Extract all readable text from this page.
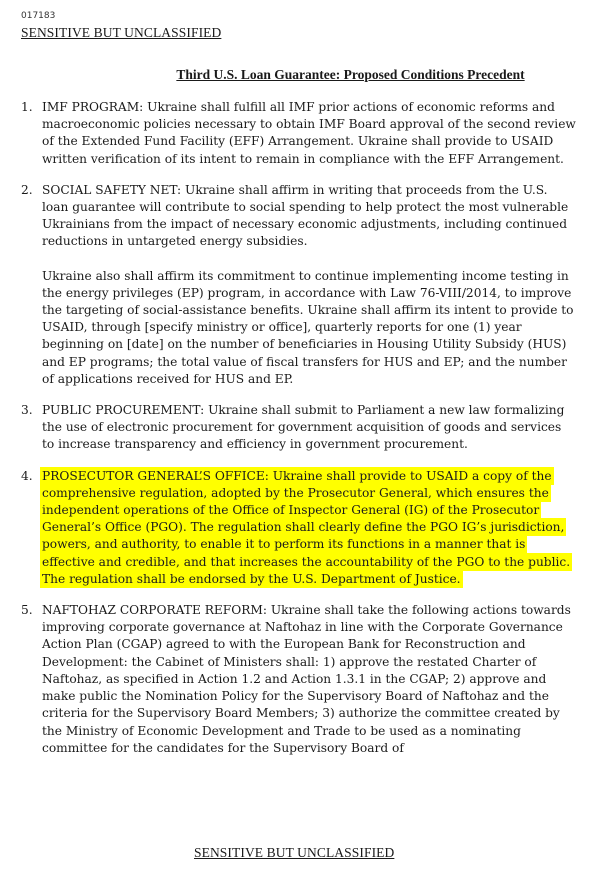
017183
SENSITIVE BUT UNCLASSIFIED
Third U.S. Loan Guarantee: Proposed Conditions Precedent
1. IMF PROGRAM: Ukraine shall fulfill all IMF prior actions of economic reforms and macroeconomic policies necessary to obtain IMF Board approval of the second review of the Extended Fund Facility (EFF) Arrangement. Ukraine shall provide to USAID written verification of its intent to remain in compliance with the EFF Arrangement.

2. SOCIAL SAFETY NET: Ukraine shall affirm in writing that proceeds from the U.S. loan guarantee will contribute to social spending to help protect the most vulnerable Ukrainians from the impact of necessary economic adjustments, including continued reductions in untargeted energy subsidies.

Ukraine also shall affirm its commitment to continue implementing income testing in the energy privileges (EP) program, in accordance with Law 76-VIII/2014, to improve the targeting of social-assistance benefits. Ukraine shall affirm its intent to provide to USAID, through [specify ministry or office], quarterly reports for one (1) year beginning on [date] on the number of beneficiaries in Housing Utility Subsidy (HUS) and EP programs; the total value of fiscal transfers for HUS and EP; and the number of applications received for HUS and EP.

3. PUBLIC PROCUREMENT: Ukraine shall submit to Parliament a new law formalizing the use of electronic procurement for government acquisition of goods and services to increase transparency and efficiency in government procurement.

4. PROSECUTOR GENERAL’S OFFICE: Ukraine shall provide to USAID a copy of the comprehensive regulation, adopted by the Prosecutor General, which ensures the independent operations of the Office of Inspector General (IG) of the Prosecutor General’s Office (PGO). The regulation shall clearly define the PGO IG’s jurisdiction, powers, and authority, to enable it to perform its functions in a manner that is effective and credible, and that increases the accountability of the PGO to the public. The regulation shall be endorsed by the U.S. Department of Justice.

5. NAFTOHAZ CORPORATE REFORM: Ukraine shall take the following actions towards improving corporate governance at Naftohaz in line with the Corporate Governance Action Plan (CGAP) agreed to with the European Bank for Reconstruction and Development: the Cabinet of Ministers shall: 1) approve the restated Charter of Naftohaz, as specified in Action 1.2 and Action 1.3.1 in the CGAP; 2) approve and make public the Nomination Policy for the Supervisory Board of Naftohaz and the criteria for the Supervisory Board Members; 3) authorize the committee created by the Ministry of Economic Development and Trade to be used as a nominating committee for the candidates for the Supervisory Board of

SENSITIVE BUT UNCLASSIFIED
